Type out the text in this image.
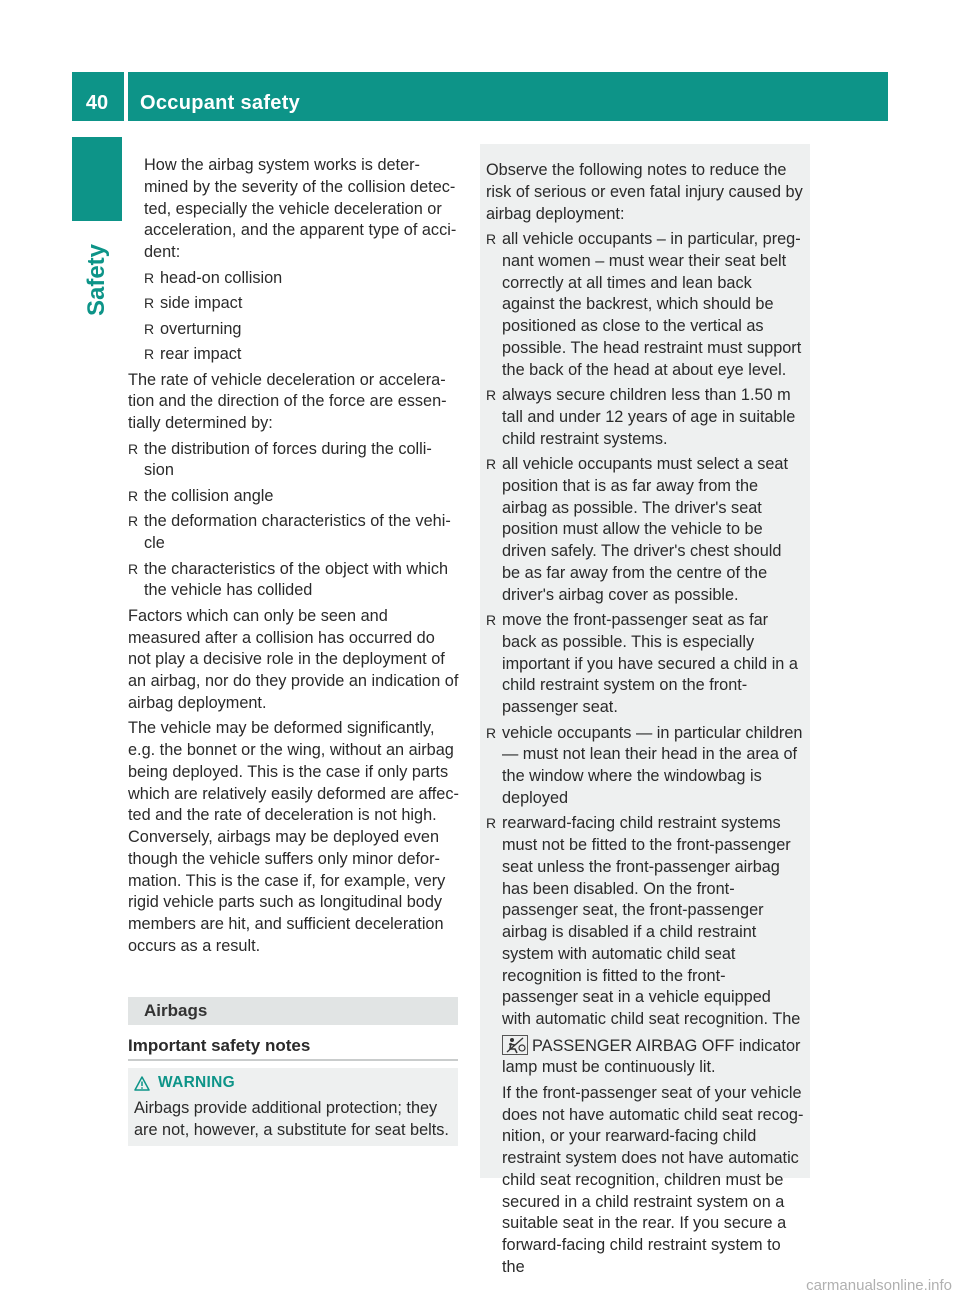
40	Occupant safety
Safety

How the airbag system works is deter- mined by the severity of the collision detec- ted, especially the vehicle deceleration or acceleration, and the apparent type of acci- dent:

R head-on collision
R side impact
R overturning
R rear impact

The rate of vehicle deceleration or accelera- tion and the direction of the force are essen- tially determined by:

R the distribution of forces during the colli- sion
R the collision angle
R the deformation characteristics of the vehi- cle
R the characteristics of the object with which the vehicle has collided

Factors which can only be seen and measured after a collision has occurred do not play a decisive role in the deployment of an airbag, nor do they provide an indication of airbag deployment.

The vehicle may be deformed significantly, e.g. the bonnet or the wing, without an airbag being deployed. This is the case if only parts which are relatively easily deformed are affec- ted and the rate of deceleration is not high. Conversely, airbags may be deployed even though the vehicle suffers only minor defor- mation. This is the case if, for example, very rigid vehicle parts such as longitudinal body members are hit, and sufficient deceleration occurs as a result.

Airbags
Important safety notes
WARNING
Airbags provide additional protection; they are not, however, a substitute for seat belts.

Observe the following notes to reduce the risk of serious or even fatal injury caused by airbag deployment:

R all vehicle occupants – in particular, preg- nant women – must wear their seat belt correctly at all times and lean back against the backrest, which should be positioned as close to the vertical as possible. The head restraint must support the back of the head at about eye level.
R always secure children less than 1.50 m tall and under 12 years of age in suitable child restraint systems.
R all vehicle occupants must select a seat position that is as far away from the airbag as possible. The driver's seat position must allow the vehicle to be driven safely. The driver's chest should be as far away from the centre of the driver's airbag cover as possible.
R move the front-passenger seat as far back as possible. This is especially important if you have secured a child in a child restraint system on the front-passenger seat.
R vehicle occupants — in particular children — must not lean their head in the area of the window where the windowbag is deployed
R rearward-facing child restraint systems must not be fitted to the front-passenger seat unless the front-passenger airbag has been disabled. On the front-passenger seat, the front-passenger airbag is disabled if a child restraint system with automatic child seat recognition is fitted to the front- passenger seat in a vehicle equipped with automatic child seat recognition. The
PASSENGER AIRBAG OFF indicator lamp must be continuously lit.

If the front-passenger seat of your vehicle does not have automatic child seat recog- nition, or your rearward-facing child restraint system does not have automatic child seat recognition, children must be secured in a child restraint system on a suitable seat in the rear. If you secure a forward-facing child restraint system to the

carmanualsonline.info
